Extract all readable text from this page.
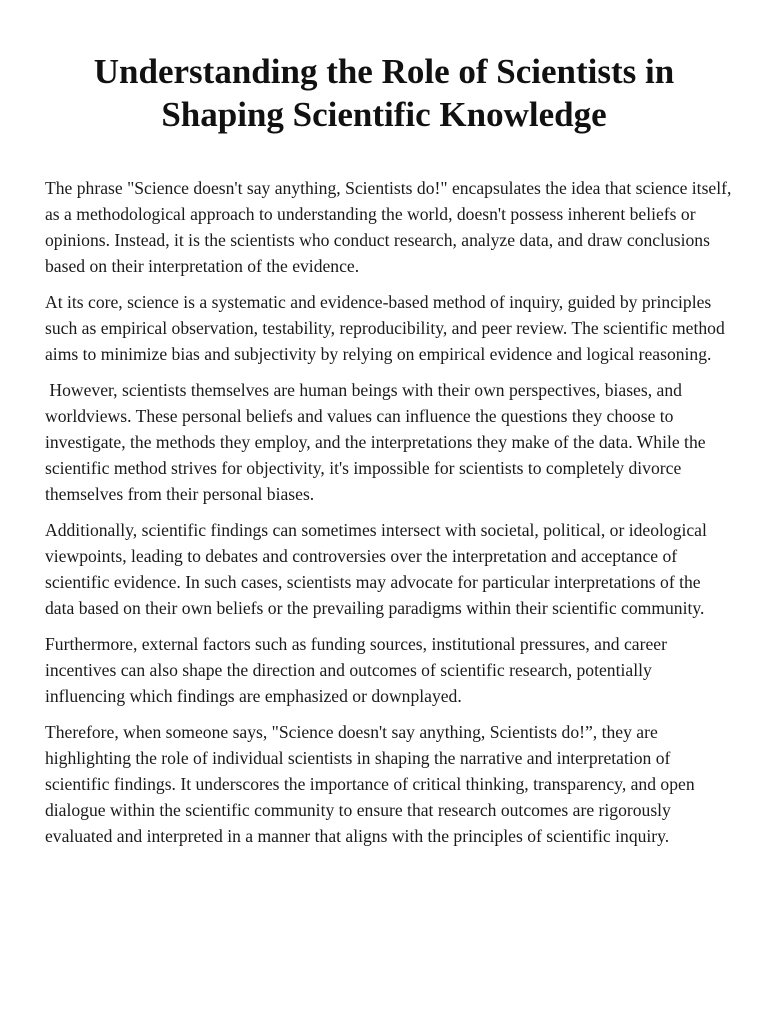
Understanding the Role of Scientists in Shaping Scientific Knowledge

The phrase "Science doesn't say anything, Scientists do!" encapsulates the idea that science itself, as a methodological approach to understanding the world, doesn't possess inherent beliefs or opinions. Instead, it is the scientists who conduct research, analyze data, and draw conclusions based on their interpretation of the evidence.

At its core, science is a systematic and evidence-based method of inquiry, guided by principles such as empirical observation, testability, reproducibility, and peer review. The scientific method aims to minimize bias and subjectivity by relying on empirical evidence and logical reasoning.

However, scientists themselves are human beings with their own perspectives, biases, and worldviews. These personal beliefs and values can influence the questions they choose to investigate, the methods they employ, and the interpretations they make of the data. While the scientific method strives for objectivity, it's impossible for scientists to completely divorce themselves from their personal biases.

Additionally, scientific findings can sometimes intersect with societal, political, or ideological viewpoints, leading to debates and controversies over the interpretation and acceptance of scientific evidence. In such cases, scientists may advocate for particular interpretations of the data based on their own beliefs or the prevailing paradigms within their scientific community.

Furthermore, external factors such as funding sources, institutional pressures, and career incentives can also shape the direction and outcomes of scientific research, potentially influencing which findings are emphasized or downplayed.

Therefore, when someone says, "Science doesn't say anything, Scientists do!”, they are highlighting the role of individual scientists in shaping the narrative and interpretation of scientific findings. It underscores the importance of critical thinking, transparency, and open dialogue within the scientific community to ensure that research outcomes are rigorously evaluated and interpreted in a manner that aligns with the principles of scientific inquiry.
